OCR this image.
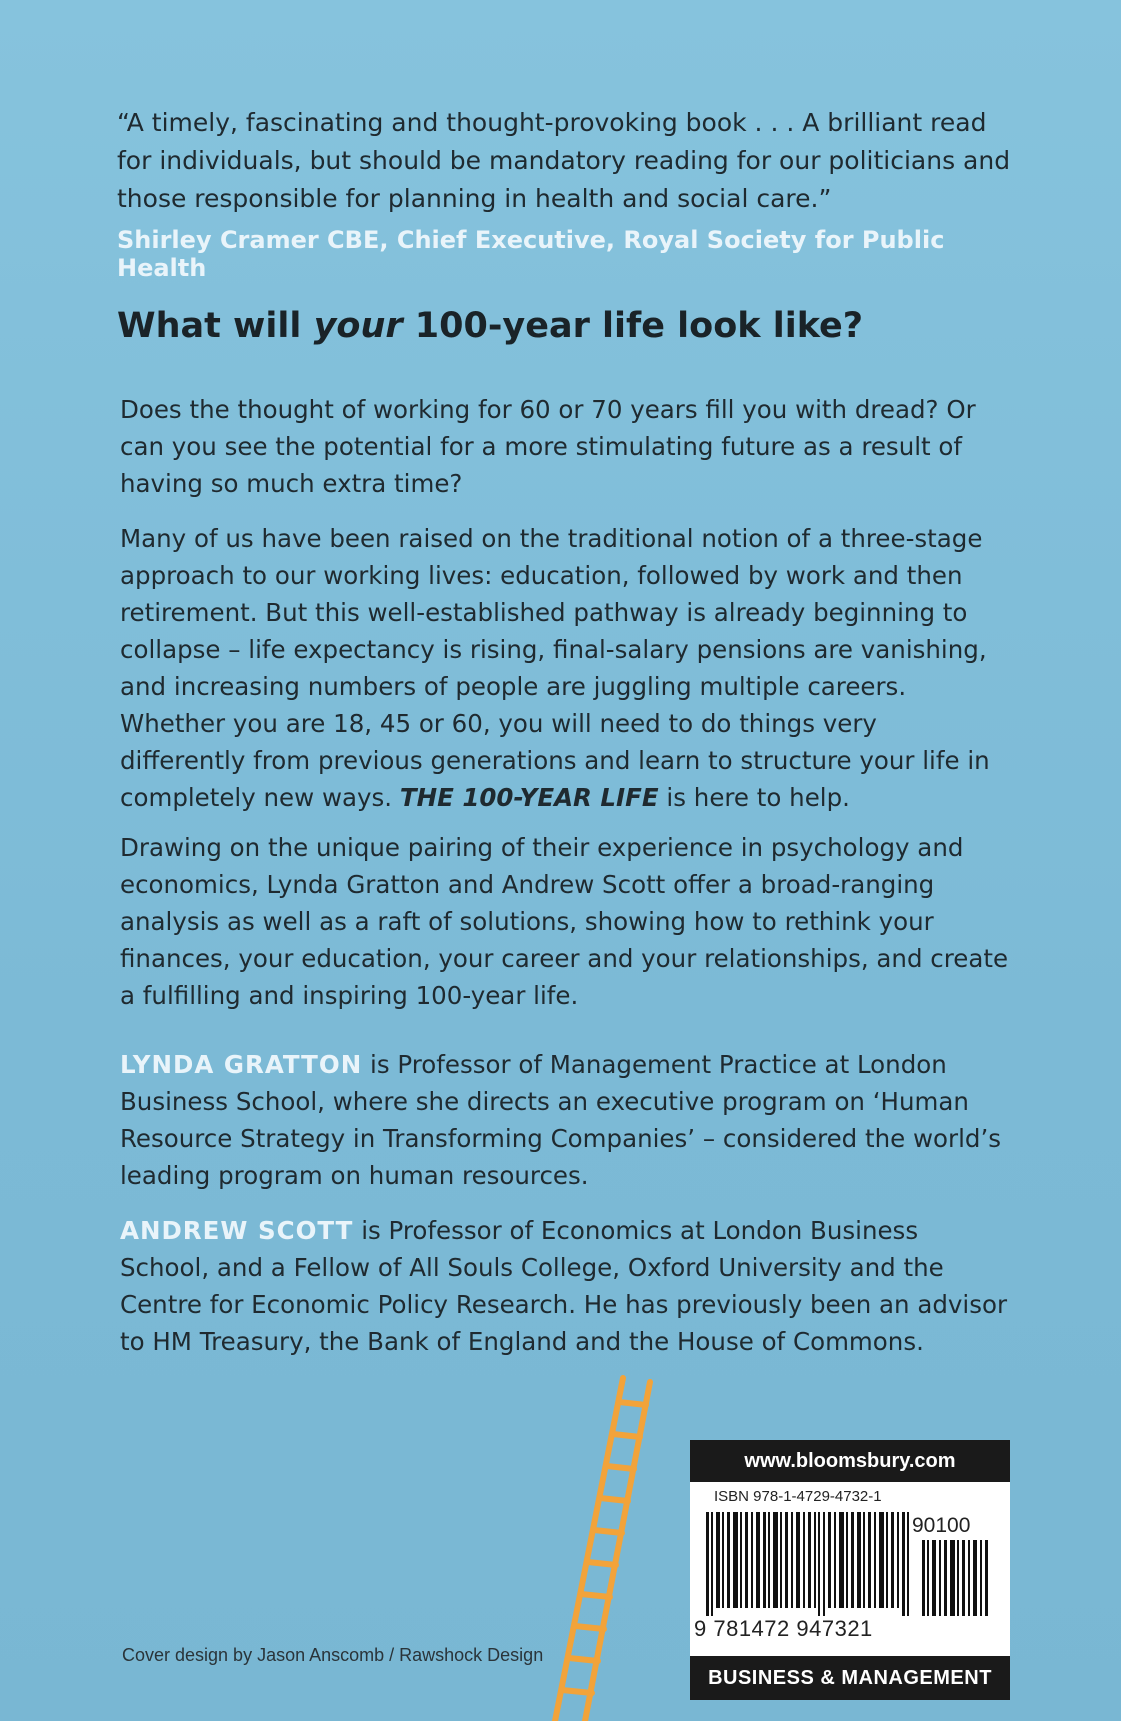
“A timely, fascinating and thought-provoking book . . . A brilliant read for individuals, but should be mandatory reading for our politicians and those responsible for planning in health and social care.”
Shirley Cramer CBE, Chief Executive, Royal Society for Public Health
What will your 100-year life look like?
Does the thought of working for 60 or 70 years fill you with dread? Or can you see the potential for a more stimulating future as a result of having so much extra time?
Many of us have been raised on the traditional notion of a three-stage approach to our working lives: education, followed by work and then retirement. But this well-established pathway is already beginning to collapse – life expectancy is rising, final-salary pensions are vanishing, and increasing numbers of people are juggling multiple careers. Whether you are 18, 45 or 60, you will need to do things very differently from previous generations and learn to structure your life in completely new ways. THE 100-YEAR LIFE is here to help.
Drawing on the unique pairing of their experience in psychology and economics, Lynda Gratton and Andrew Scott offer a broad-ranging analysis as well as a raft of solutions, showing how to rethink your finances, your education, your career and your relationships, and create a fulfilling and inspiring 100-year life.
LYNDA GRATTON is Professor of Management Practice at London Business School, where she directs an executive program on ‘Human Resource Strategy in Transforming Companies’ – considered the world’s leading program on human resources.
ANDREW SCOTT is Professor of Economics at London Business School, and a Fellow of All Souls College, Oxford University and the Centre for Economic Policy Research. He has previously been an advisor to HM Treasury, the Bank of England and the House of Commons.
www.bloomsbury.com
ISBN 978-1-4729-4732-1
90100
9 781472 947321
BUSINESS & MANAGEMENT
Cover design by Jason Anscomb / Rawshock Design
